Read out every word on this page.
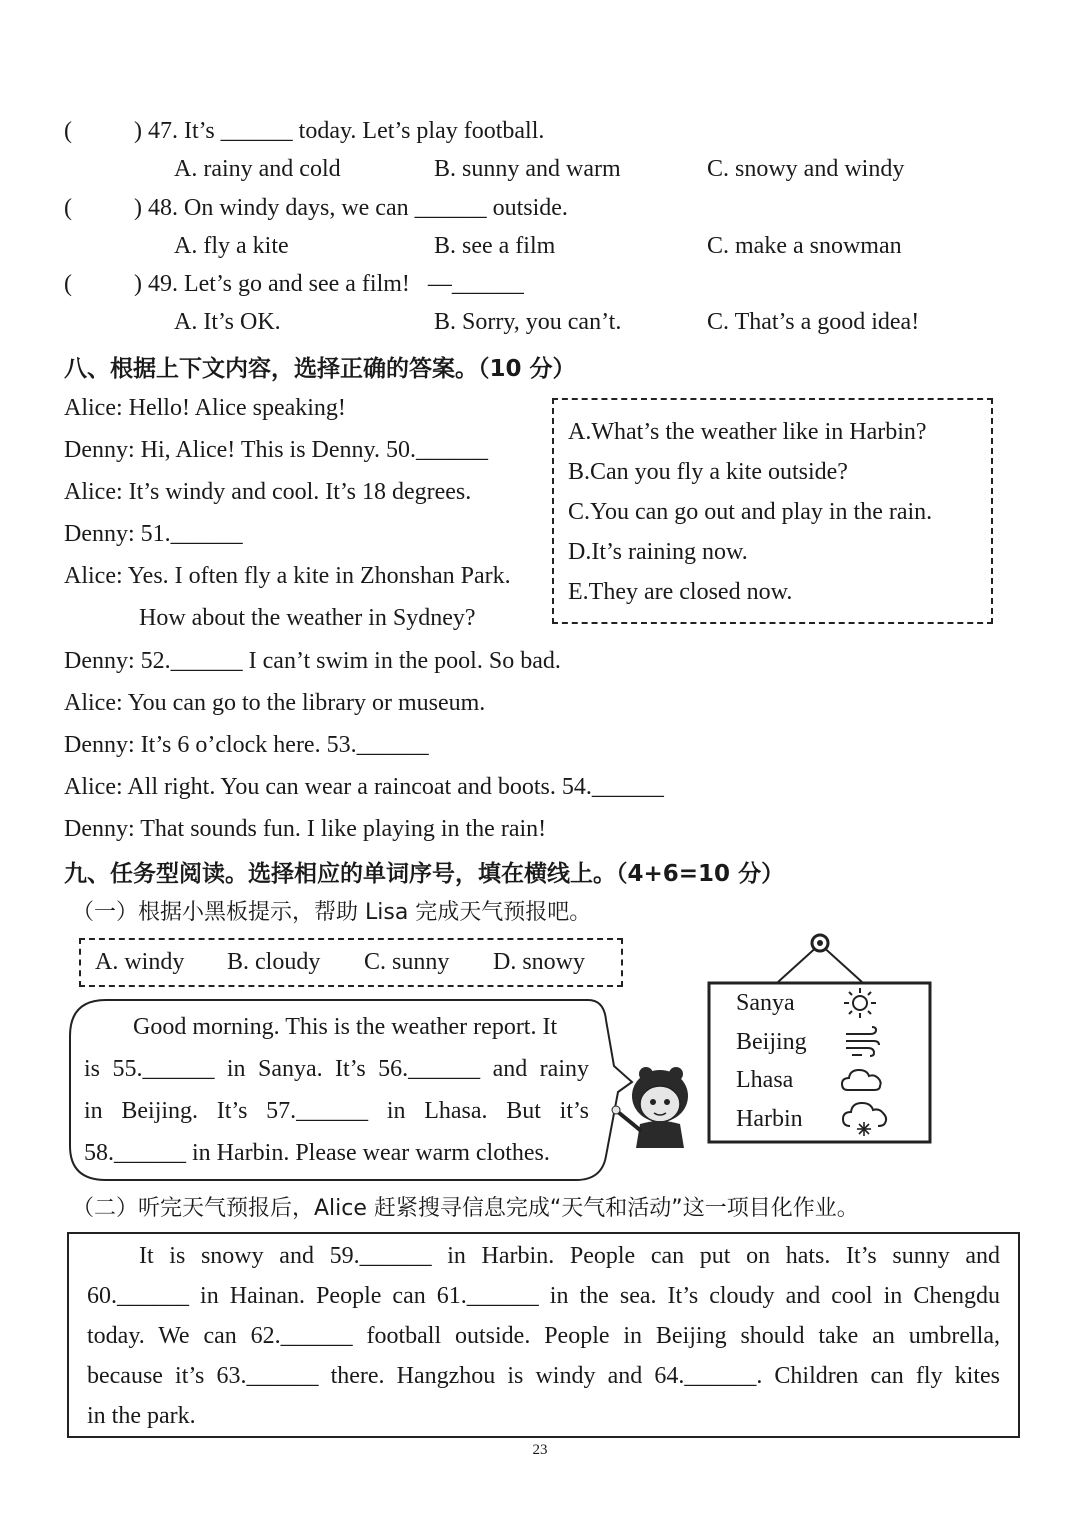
(	) 47. It’s ______ today. Let’s play football.
A. rainy and cold	B. sunny and warm	C. snowy and windy
(	) 48. On windy days, we can ______ outside.
A. fly a kite	B. see a film	C. make a snowman
(	) 49. Let’s go and see a film!   —______
A. It’s OK.	B. Sorry, you can’t.	C. That’s a good idea!
八、根据上下文内容，选择正确的答案。（10 分）
Alice: Hello! Alice speaking!
Denny: Hi, Alice! This is Denny. 50.______
Alice: It’s windy and cool. It’s 18 degrees.
Denny: 51.______
Alice: Yes. I often fly a kite in Zhonshan Park.
How about the weather in Sydney?
Denny: 52.______ I can’t swim in the pool. So bad.
Alice: You can go to the library or museum.
Denny: It’s 6 o’clock here. 53.______
Alice: All right. You can wear a raincoat and boots. 54.______
Denny: That sounds fun. I like playing in the rain!
A.What’s the weather like in Harbin?
B.Can you fly a kite outside?
C.You can go out and play in the rain.
D.It’s raining now.
E.They are closed now.
九、任务型阅读。选择相应的单词序号，填在横线上。（4+6=10 分）
（一）根据小黑板提示，帮助 Lisa 完成天气预报吧。
A. windy B. cloudy C. sunny D. snowy
Good morning. This is the weather report. It
is 55.______ in Sanya. It’s 56.______ and rainy
in Beijing. It’s 57.______ in Lhasa. But it’s
58.______ in Harbin. Please wear warm clothes.
Sanya
Beijing
Lhasa
Harbin
（二）听完天气预报后，Alice 赶紧搜寻信息完成“天气和活动”这一项目化作业。
It is snowy and 59.______ in Harbin. People can put on hats. It’s sunny and
60.______ in Hainan. People can 61.______ in the sea. It’s cloudy and cool in Chengdu
today. We can 62.______ football outside. People in Beijing should take an umbrella,
because it’s 63.______ there. Hangzhou is windy and 64.______. Children can fly kites
in the park.
23
